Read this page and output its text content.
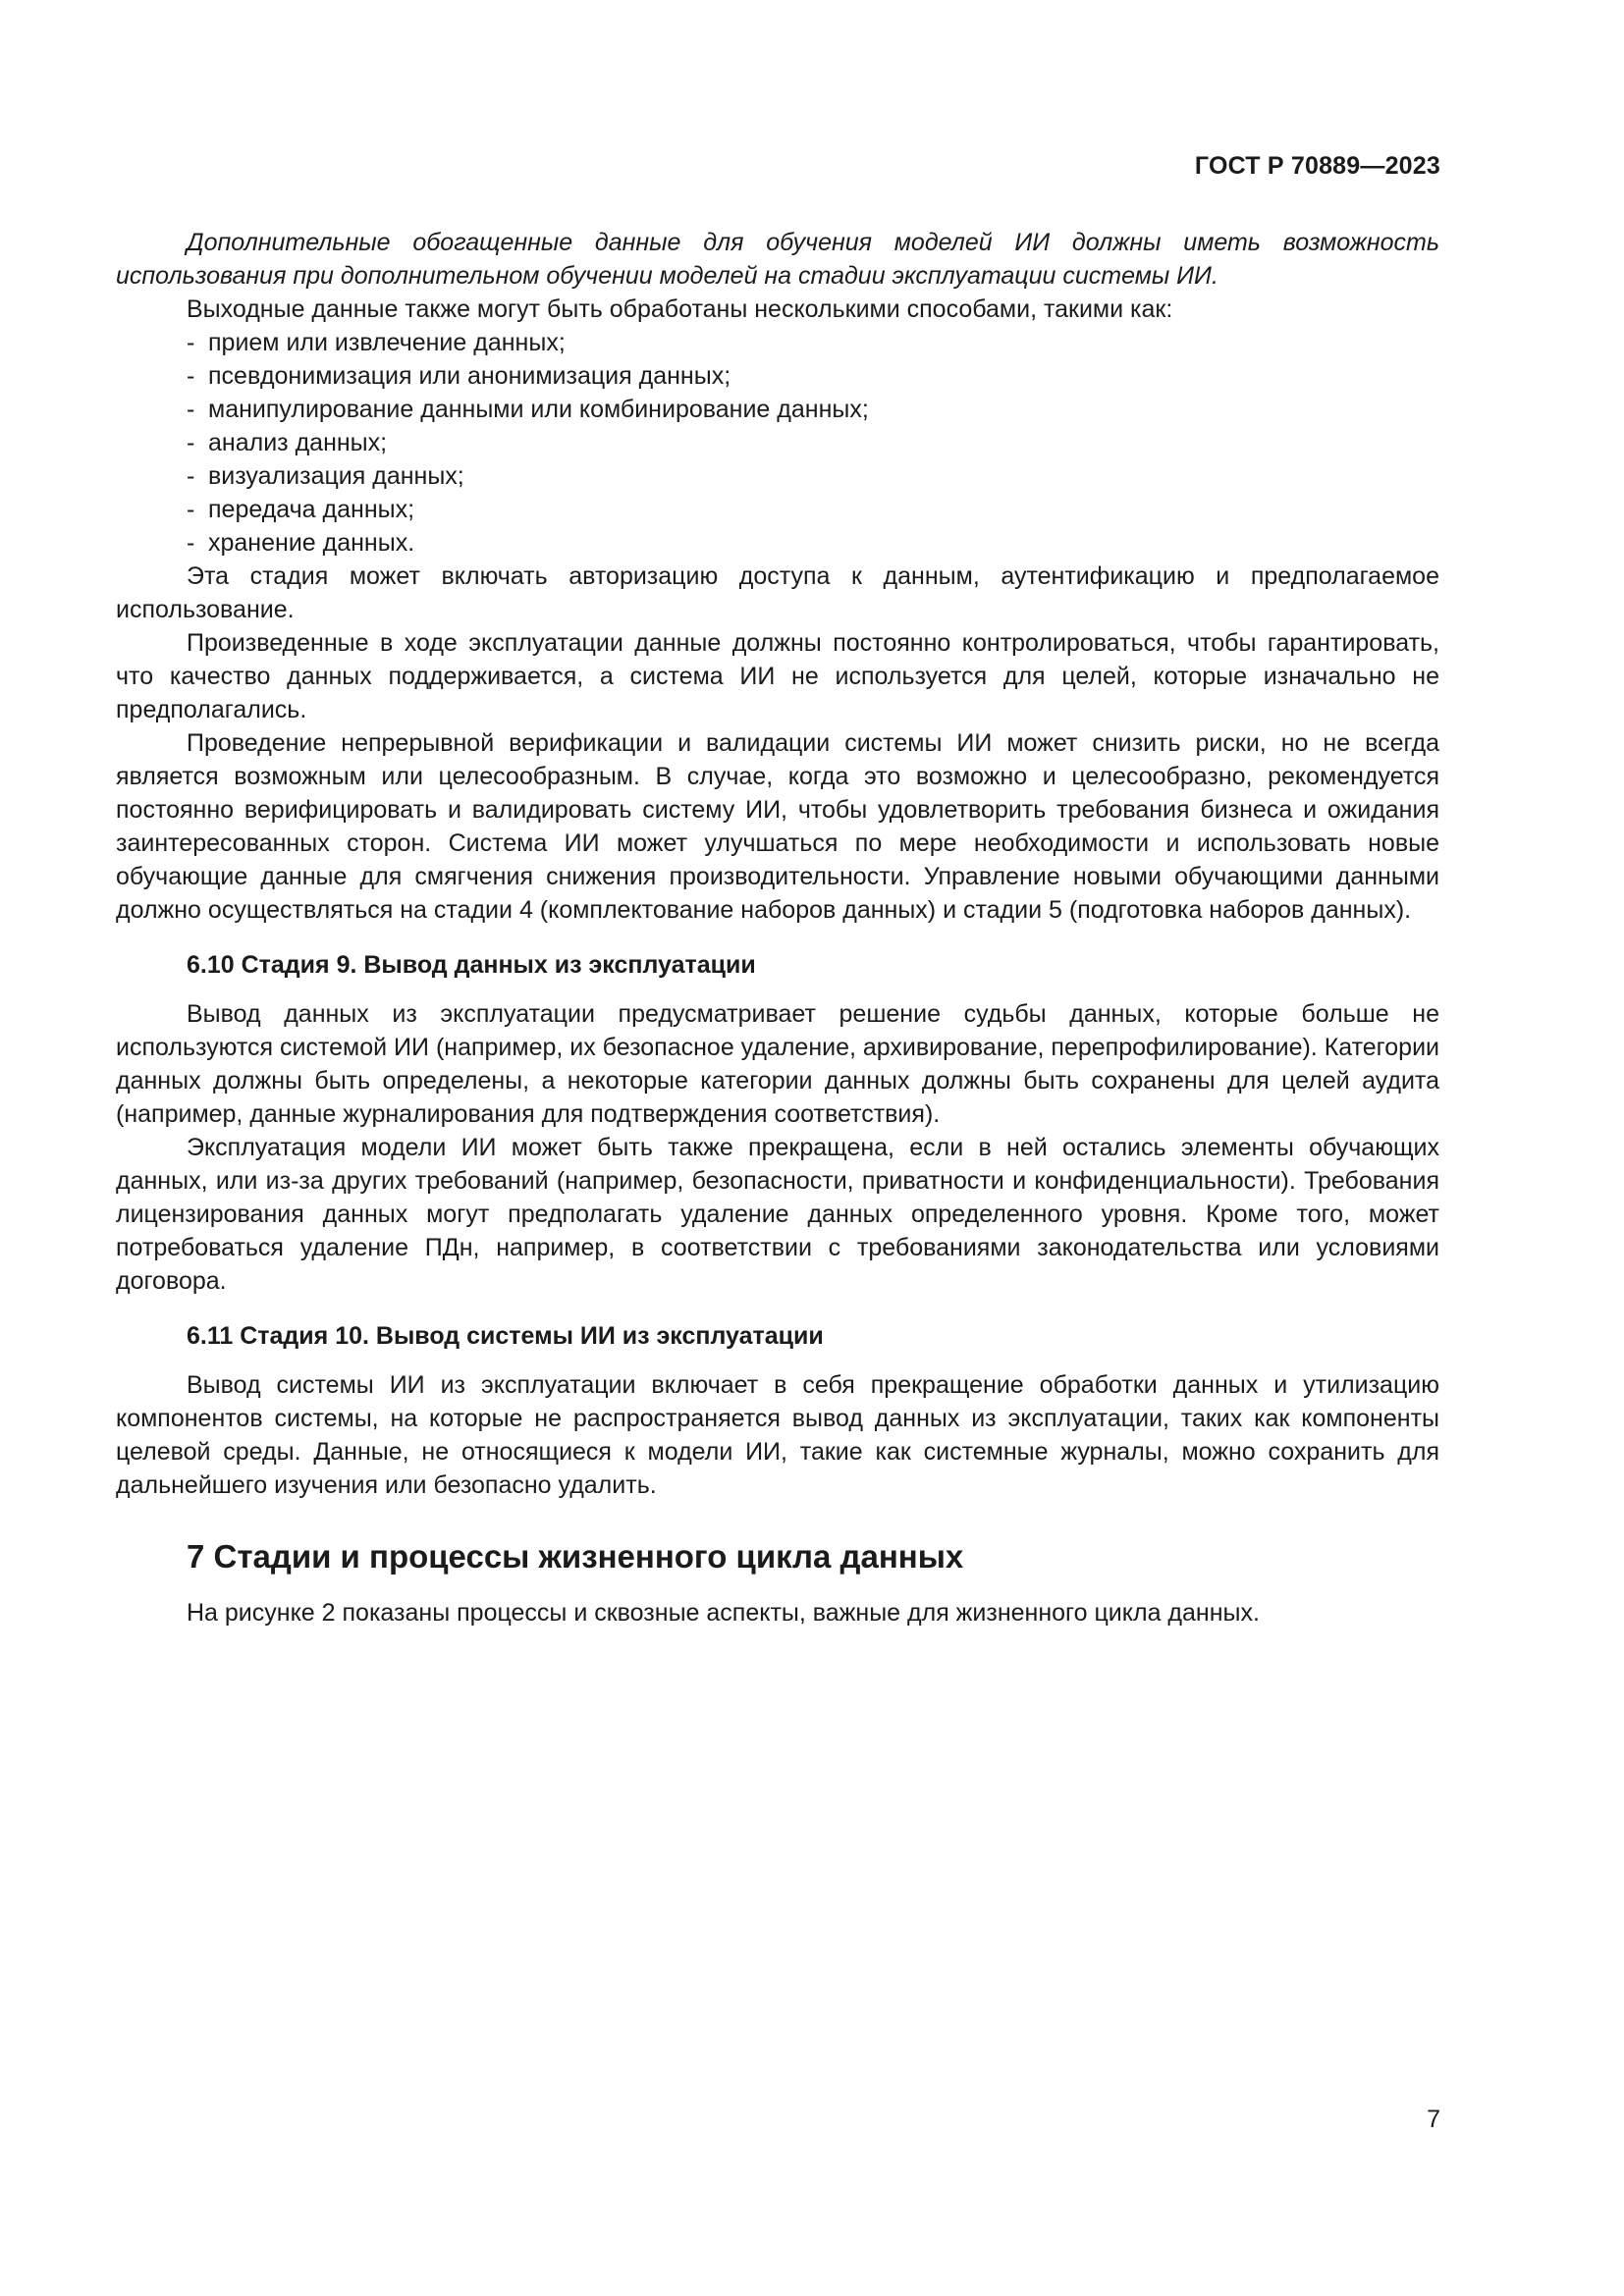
ГОСТ Р 70889—2023

Дополнительные обогащенные данные для обучения моделей ИИ должны иметь возможность использования при дополнительном обучении моделей на стадии эксплуатации системы ИИ.

Выходные данные также могут быть обработаны несколькими способами, такими как:

- прием или извлечение данных;
- псевдонимизация или анонимизация данных;
- манипулирование данными или комбинирование данных;
- анализ данных;
- визуализация данных;
- передача данных;
- хранение данных.

Эта стадия может включать авторизацию доступа к данным, аутентификацию и предполагаемое использование.

Произведенные в ходе эксплуатации данные должны постоянно контролироваться, чтобы гарантировать, что качество данных поддерживается, а система ИИ не используется для целей, которые изначально не предполагались.

Проведение непрерывной верификации и валидации системы ИИ может снизить риски, но не всегда является возможным или целесообразным. В случае, когда это возможно и целесообразно, рекомендуется постоянно верифицировать и валидировать систему ИИ, чтобы удовлетворить требования бизнеса и ожидания заинтересованных сторон. Система ИИ может улучшаться по мере необходимости и использовать новые обучающие данные для смягчения снижения производительности. Управление новыми обучающими данными должно осуществляться на стадии 4 (комплектование наборов данных) и стадии 5 (подготовка наборов данных).

6.10 Стадия 9. Вывод данных из эксплуатации

Вывод данных из эксплуатации предусматривает решение судьбы данных, которые больше не используются системой ИИ (например, их безопасное удаление, архивирование, перепрофилирование). Категории данных должны быть определены, а некоторые категории данных должны быть сохранены для целей аудита (например, данные журналирования для подтверждения соответствия).

Эксплуатация модели ИИ может быть также прекращена, если в ней остались элементы обучающих данных, или из-за других требований (например, безопасности, приватности и конфиденциальности). Требования лицензирования данных могут предполагать удаление данных определенного уровня. Кроме того, может потребоваться удаление ПДн, например, в соответствии с требованиями законодательства или условиями договора.

6.11 Стадия 10. Вывод системы ИИ из эксплуатации

Вывод системы ИИ из эксплуатации включает в себя прекращение обработки данных и утилизацию компонентов системы, на которые не распространяется вывод данных из эксплуатации, таких как компоненты целевой среды. Данные, не относящиеся к модели ИИ, такие как системные журналы, можно сохранить для дальнейшего изучения или безопасно удалить.

7 Стадии и процессы жизненного цикла данных

На рисунке 2 показаны процессы и сквозные аспекты, важные для жизненного цикла данных.

7
